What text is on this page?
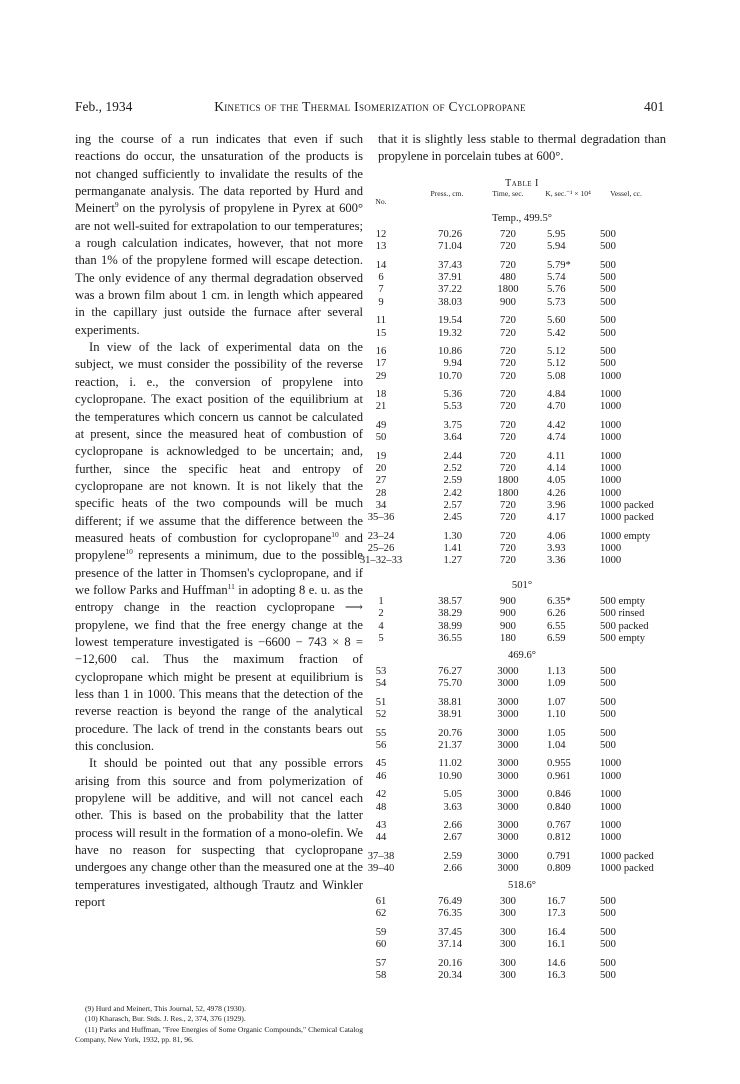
Feb., 1934	Kinetics of the Thermal Isomerization of Cyclopropane	401

ing the course of a run indicates that even if such reactions do occur, the unsaturation of the products is not changed sufficiently to invalidate the results of the permanganate analysis. The data reported by Hurd and Meinert$^9$ on the pyrolysis of propylene in Pyrex at 600° are not well-suited for extrapolation to our temperatures; a rough calculation indicates, however, that not more than 1% of the propylene formed will escape detection. The only evidence of any thermal degradation observed was a brown film about 1 cm. in length which appeared in the capillary just outside the furnace after several experiments.

In view of the lack of experimental data on the subject, we must consider the possibility of the reverse reaction, i. e., the conversion of propylene into cyclopropane. The exact position of the equilibrium at the temperatures which concern us cannot be calculated at present, since the measured heat of combustion of cyclopropane is acknowledged to be uncertain; and, further, since the specific heat and entropy of cyclopropane are not known. It is not likely that the specific heats of the two compounds will be much different; if we assume that the difference between the measured heats of combustion for cyclopropane$^{10}$ and propylene$^{10}$ represents a minimum, due to the possible presence of the latter in Thomsen's cyclopropane, and if we follow Parks and Huffman$^{11}$ in adopting 8 e. u. as the entropy change in the reaction cyclopropane ⟶ propylene, we find that the free energy change at the lowest temperature investigated is −6600 − 743 × 8 = −12,600 cal. Thus the maximum fraction of cyclopropane which might be present at equilibrium is less than 1 in 1000. This means that the detection of the reverse reaction is beyond the range of the analytical procedure. The lack of trend in the constants bears out this conclusion.

It should be pointed out that any possible errors arising from this source and from polymerization of propylene will be additive, and will not cancel each other. This is based on the probability that the latter process will result in the formation of a mono-olefin. We have no reason for suspecting that cyclopropane undergoes any change other than the measured one at the temperatures investigated, although Trautz and Winkler report

(9) Hurd and Meinert, This Journal, 52, 4978 (1930).
(10) Kharasch, Bur. Stds. J. Res., 2, 374, 376 (1929).
(11) Parks and Huffman, "Free Energies of Some Organic Compounds," Chemical Catalog Company, New York, 1932, pp. 81, 96.
that it is slightly less stable to thermal degradation than propylene in porcelain tubes at 600°.
Table I
No.
Press., cm.	Time, sec.	K, sec.⁻¹ × 10⁴	Vessel, cc.
Temp., 499.5°
12	70.26	720	5.95	500
13	71.04	720	5.94	500
14	37.43	720	5.79*	500
6	37.91	480	5.74	500
7	37.22	1800	5.76	500
9	38.03	900	5.73	500
11	19.54	720	5.60	500
15	19.32	720	5.42	500
16	10.86	720	5.12	500
17	9.94	720	5.12	500
29	10.70	720	5.08	1000
18	5.36	720	4.84	1000
21	5.53	720	4.70	1000
49	3.75	720	4.42	1000
50	3.64	720	4.74	1000
19	2.44	720	4.11	1000
20	2.52	720	4.14	1000
27	2.59	1800	4.05	1000
28	2.42	1800	4.26	1000
34	2.57	720	3.96	1000 packed
35–36	2.45	720	4.17	1000 packed
23–24	1.30	720	4.06	1000 empty
25–26	1.41	720	3.93	1000
31–32–33	1.27	720	3.36	1000
501°
1	38.57	900	6.35*	500 empty
2	38.29	900	6.26	500 rinsed
4	38.99	900	6.55	500 packed
5	36.55	180	6.59	500 empty
469.6°
53	76.27	3000	1.13	500
54	75.70	3000	1.09	500
51	38.81	3000	1.07	500
52	38.91	3000	1.10	500
55	20.76	3000	1.05	500
56	21.37	3000	1.04	500
45	11.02	3000	0.955	1000
46	10.90	3000	0.961	1000
42	5.05	3000	0.846	1000
48	3.63	3000	0.840	1000
43	2.66	3000	0.767	1000
44	2.67	3000	0.812	1000
37–38	2.59	3000	0.791	1000 packed
39–40	2.66	3000	0.809	1000 packed
518.6°
61	76.49	300	16.7	500
62	76.35	300	17.3	500
59	37.45	300	16.4	500
60	37.14	300	16.1	500
57	20.16	300	14.6	500
58	20.34	300	16.3	500
